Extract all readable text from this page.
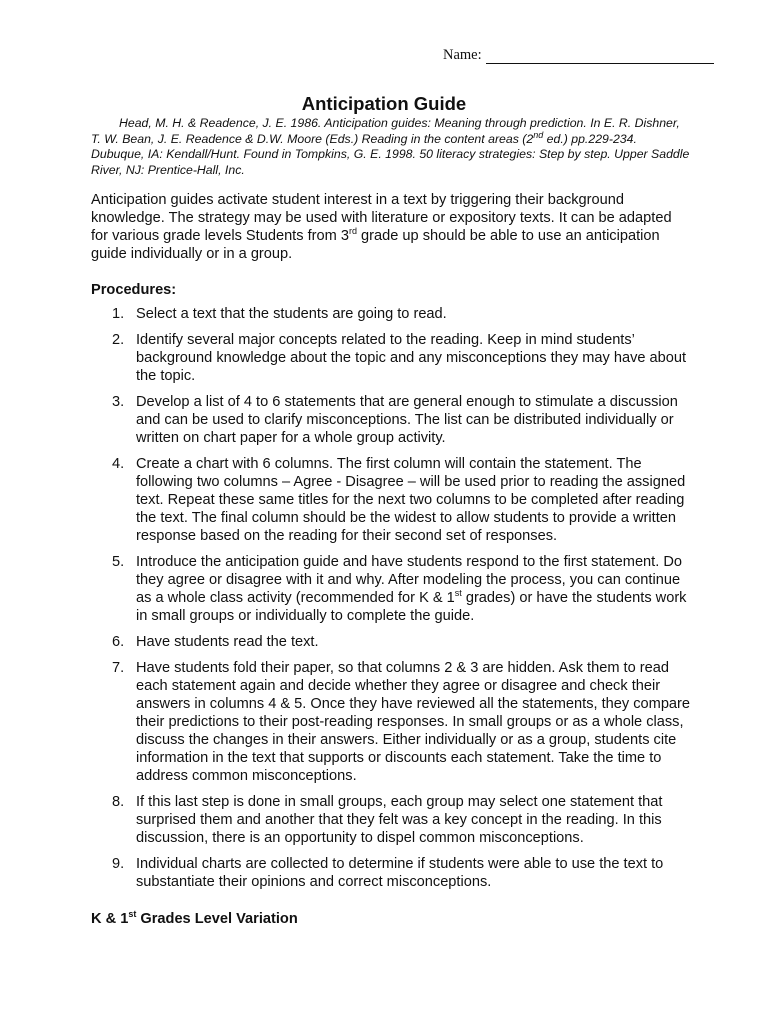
Name:
Anticipation Guide
Head, M. H. & Readence, J. E. 1986. Anticipation guides: Meaning through prediction. In E. R. Dishner, T. W. Bean, J. E. Readence & D.W. Moore (Eds.) Reading in the content areas (2nd ed.) pp.229-234. Dubuque, IA: Kendall/Hunt. Found in Tompkins, G. E. 1998. 50 literacy strategies: Step by step. Upper Saddle River, NJ: Prentice-Hall, Inc.
Anticipation guides activate student interest in a text by triggering their background knowledge. The strategy may be used with literature or expository texts. It can be adapted for various grade levels Students from 3rd grade up should be able to use an anticipation guide individually or in a group.
Procedures:
1. Select a text that the students are going to read.
2. Identify several major concepts related to the reading. Keep in mind students’ background knowledge about the topic and any misconceptions they may have about the topic.
3. Develop a list of 4 to 6 statements that are general enough to stimulate a discussion and can be used to clarify misconceptions. The list can be distributed individually or written on chart paper for a whole group activity.
4. Create a chart with 6 columns. The first column will contain the statement. The following two columns – Agree - Disagree – will be used prior to reading the assigned text. Repeat these same titles for the next two columns to be completed after reading the text. The final column should be the widest to allow students to provide a written response based on the reading for their second set of responses.
5. Introduce the anticipation guide and have students respond to the first statement. Do they agree or disagree with it and why. After modeling the process, you can continue as a whole class activity (recommended for K & 1st grades) or have the students work in small groups or individually to complete the guide.
6. Have students read the text.
7. Have students fold their paper, so that columns 2 & 3 are hidden. Ask them to read each statement again and decide whether they agree or disagree and check their answers in columns 4 & 5. Once they have reviewed all the statements, they compare their predictions to their post-reading responses. In small groups or as a whole class, discuss the changes in their answers. Either individually or as a group, students cite information in the text that supports or discounts each statement. Take the time to address common misconceptions.
8. If this last step is done in small groups, each group may select one statement that surprised them and another that they felt was a key concept in the reading. In this discussion, there is an opportunity to dispel common misconceptions.
9. Individual charts are collected to determine if students were able to use the text to substantiate their opinions and correct misconceptions.
K & 1st Grades Level Variation
